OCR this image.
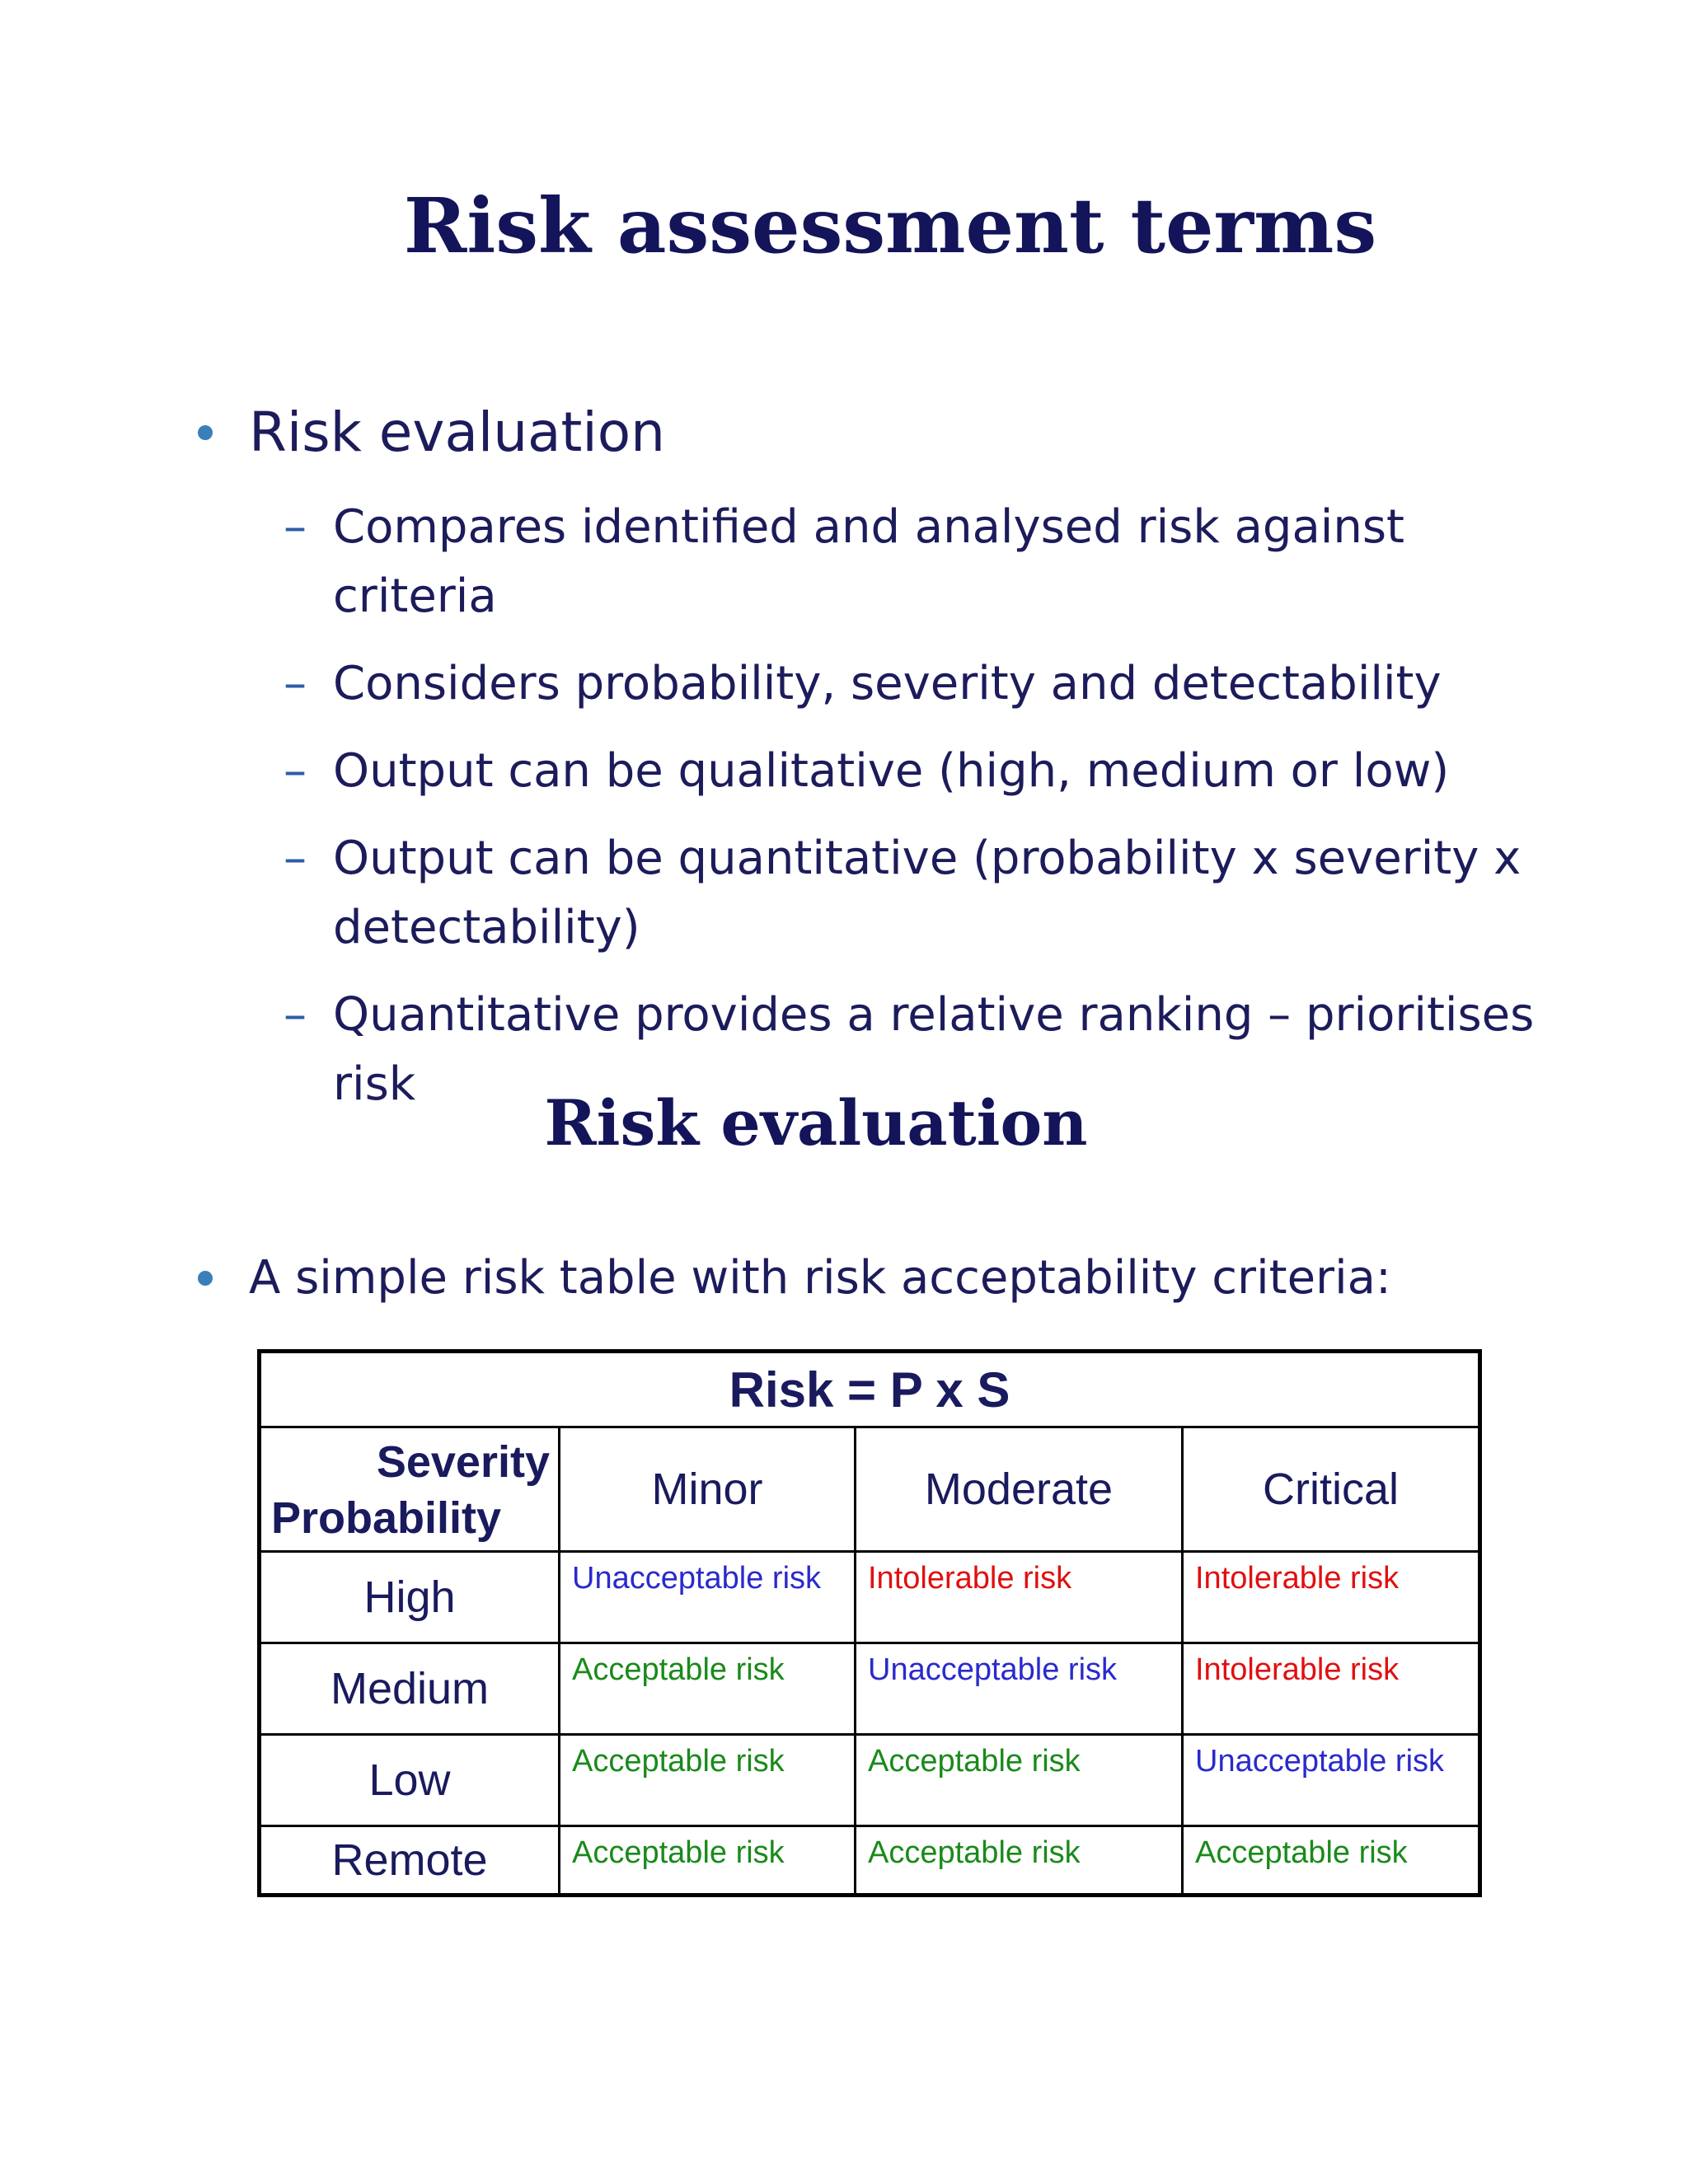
Risk assessment terms
Risk evaluation
– Compares identified and analysed risk against criteria
– Considers probability, severity and detectability
– Output can be qualitative (high, medium or low)
– Output can be quantitative (probability x severity x detectability)
– Quantitative provides a relative ranking – prioritises risk
Risk evaluation
A simple risk table with risk acceptability criteria:
Risk = P x S			

Severity
Probability	Minor	Moderate	Critical
High	Unacceptable risk	Intolerable risk	Intolerable risk
Medium	Acceptable risk	Unacceptable risk	Intolerable risk
Low	Acceptable risk	Acceptable risk	Unacceptable risk
Remote	Acceptable risk	Acceptable risk	Acceptable risk
